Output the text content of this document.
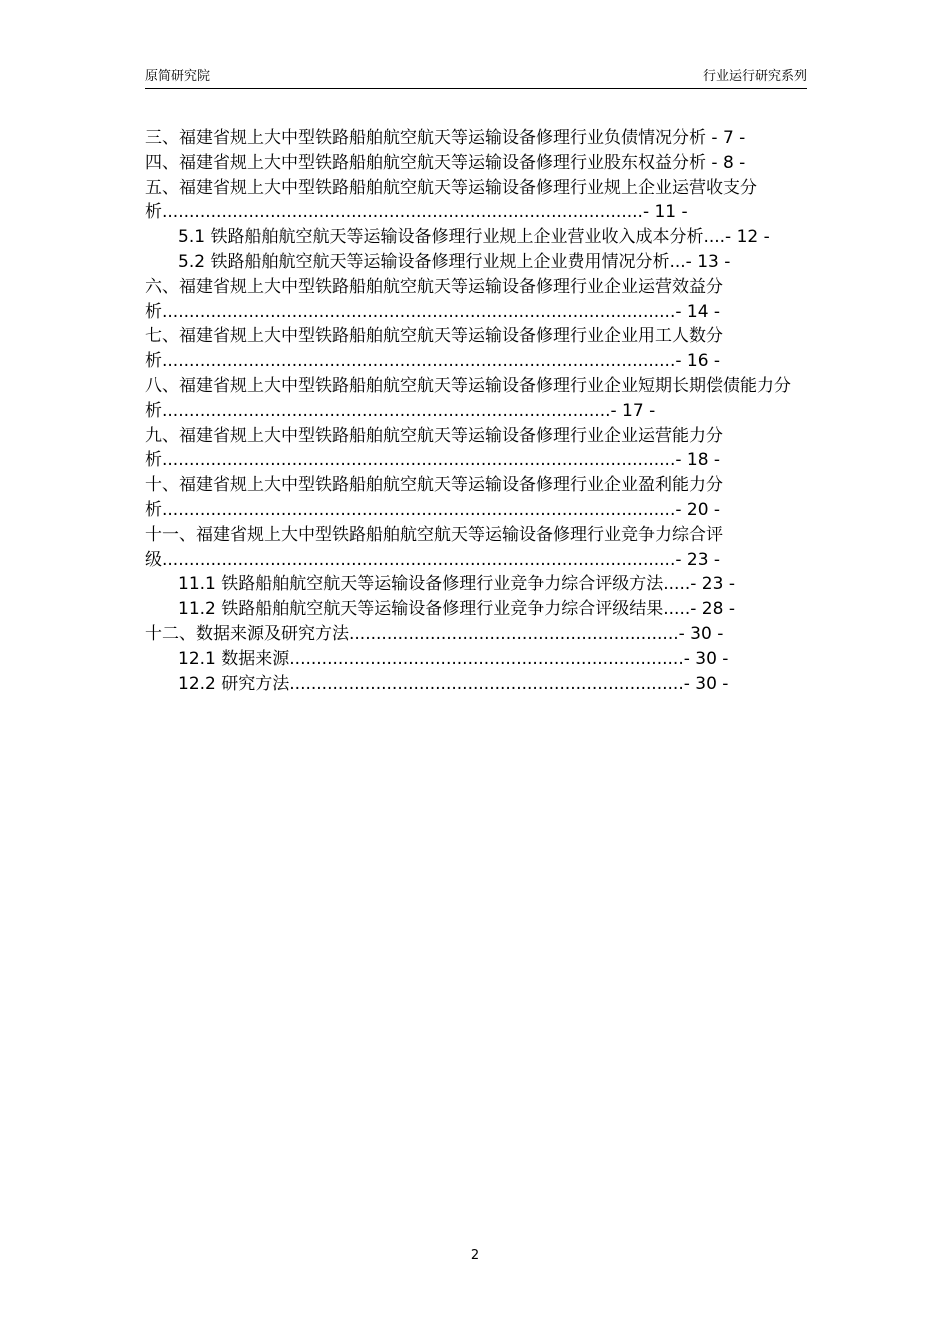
原简研究院	行业运行研究系列
三、福建省规上大中型铁路船舶航空航天等运输设备修理行业负债情况分析 - 7 -
四、福建省规上大中型铁路船舶航空航天等运输设备修理行业股东权益分析 - 8 -
五、福建省规上大中型铁路船舶航空航天等运输设备修理行业规上企业运营收支分析.........................................................................................- 11 -
5.1 铁路船舶航空航天等运输设备修理行业规上企业营业收入成本分析....- 12 -
5.2 铁路船舶航空航天等运输设备修理行业规上企业费用情况分析...- 13 -
六、福建省规上大中型铁路船舶航空航天等运输设备修理行业企业运营效益分析...............................................................................................- 14 -
七、福建省规上大中型铁路船舶航空航天等运输设备修理行业企业用工人数分析...............................................................................................- 16 -
八、福建省规上大中型铁路船舶航空航天等运输设备修理行业企业短期长期偿债能力分析...................................................................................- 17 -
九、福建省规上大中型铁路船舶航空航天等运输设备修理行业企业运营能力分析...............................................................................................- 18 -
十、福建省规上大中型铁路船舶航空航天等运输设备修理行业企业盈利能力分析...............................................................................................- 20 -
十一、福建省规上大中型铁路船舶航空航天等运输设备修理行业竞争力综合评级...............................................................................................- 23 -
11.1 铁路船舶航空航天等运输设备修理行业竞争力综合评级方法.....- 23 -
11.2 铁路船舶航空航天等运输设备修理行业竞争力综合评级结果.....- 28 -
十二、数据来源及研究方法.............................................................- 30 -
12.1 数据来源.........................................................................- 30 -
12.2 研究方法.........................................................................- 30 -
2
